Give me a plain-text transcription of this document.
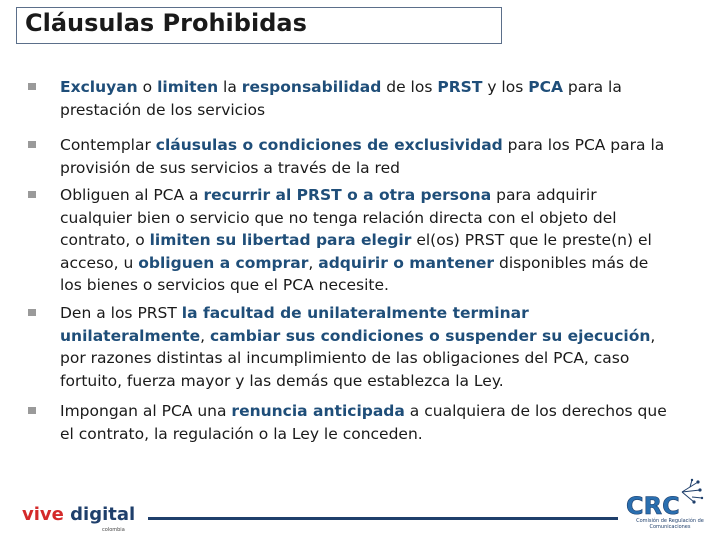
Cláusulas Prohibidas
Excluyan o limiten la responsabilidad de los PRST y los PCA para la prestación de los servicios
Contemplar cláusulas o condiciones de exclusividad para los PCA para la provisión de sus servicios a través de la red
Obliguen al PCA a recurrir al PRST o a otra persona para adquirir cualquier bien o servicio que no tenga relación directa con el objeto del contrato, o limiten su libertad para elegir el(os) PRST que le preste(n) el acceso, u obliguen a comprar, adquirir o mantener disponibles más de los bienes o servicios que el PCA necesite.
Den a los PRST la facultad de unilateralmente terminar unilateralmente, cambiar sus condiciones o suspender su ejecución, por razones distintas al incumplimiento de las obligaciones del PCA, caso fortuito, fuerza mayor y las demás que establezca la Ley.
Impongan al PCA una renuncia anticipada a cualquiera de los derechos que el contrato, la regulación o la Ley le conceden.
vive digital
colombia
CRC
Comisión de Regulación de Comunicaciones
